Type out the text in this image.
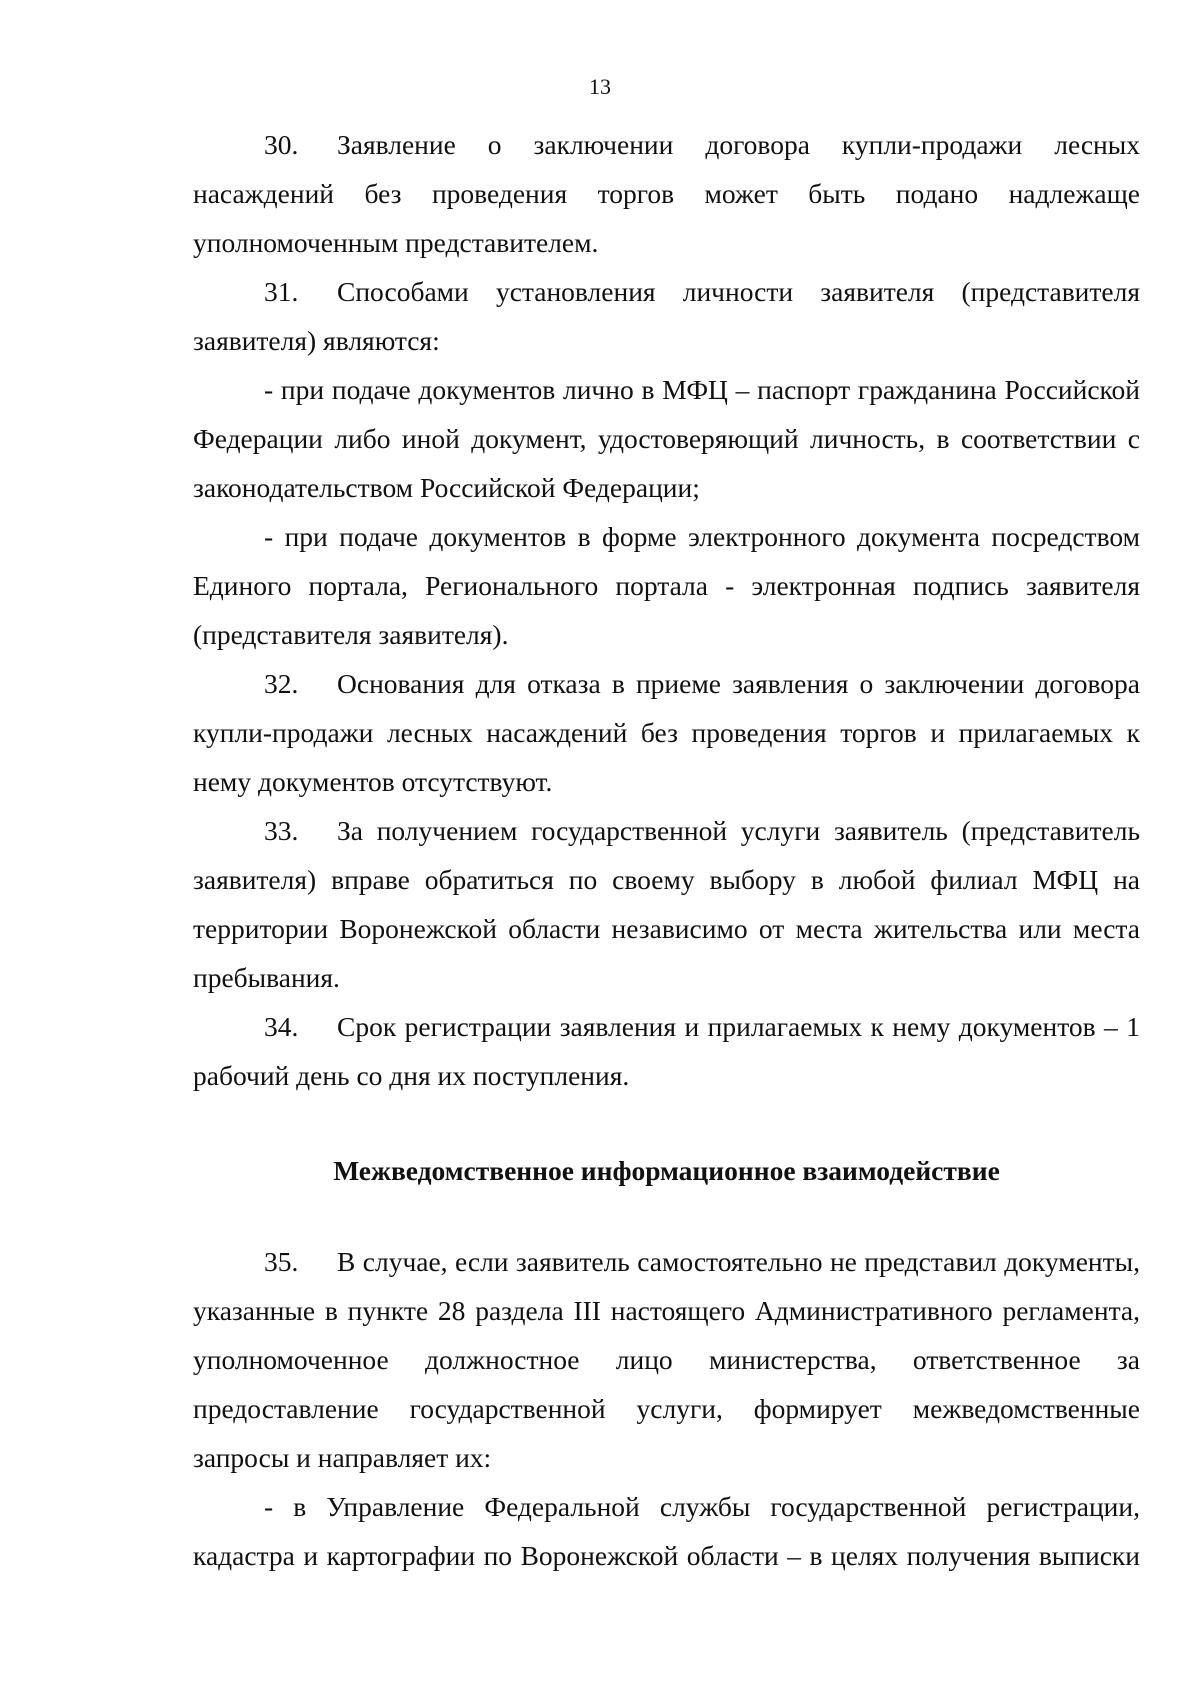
13

30. Заявление о заключении договора купли-продажи лесных насаждений без проведения торгов может быть подано надлежаще уполномоченным представителем.

31. Способами установления личности заявителя (представителя заявителя) являются:

- при подаче документов лично в МФЦ – паспорт гражданина Российской Федерации либо иной документ, удостоверяющий личность, в соответствии с законодательством Российской Федерации;

- при подаче документов в форме электронного документа посредством Единого портала, Регионального портала - электронная подпись заявителя (представителя заявителя).

32. Основания для отказа в приеме заявления о заключении договора купли-продажи лесных насаждений без проведения торгов и прилагаемых к нему документов отсутствуют.

33. За получением государственной услуги заявитель (представитель заявителя) вправе обратиться по своему выбору в любой филиал МФЦ на территории Воронежской области независимо от места жительства или места пребывания.

34. Срок регистрации заявления и прилагаемых к нему документов – 1 рабочий день со дня их поступления.

Межведомственное информационное взаимодействие

35. В случае, если заявитель самостоятельно не представил документы, указанные в пункте 28 раздела III настоящего Административного регламента, уполномоченное должностное лицо министерства, ответственное за предоставление государственной услуги, формирует межведомственные запросы и направляет их:

- в Управление Федеральной службы государственной регистрации, кадастра и картографии по Воронежской области – в целях получения выписки
